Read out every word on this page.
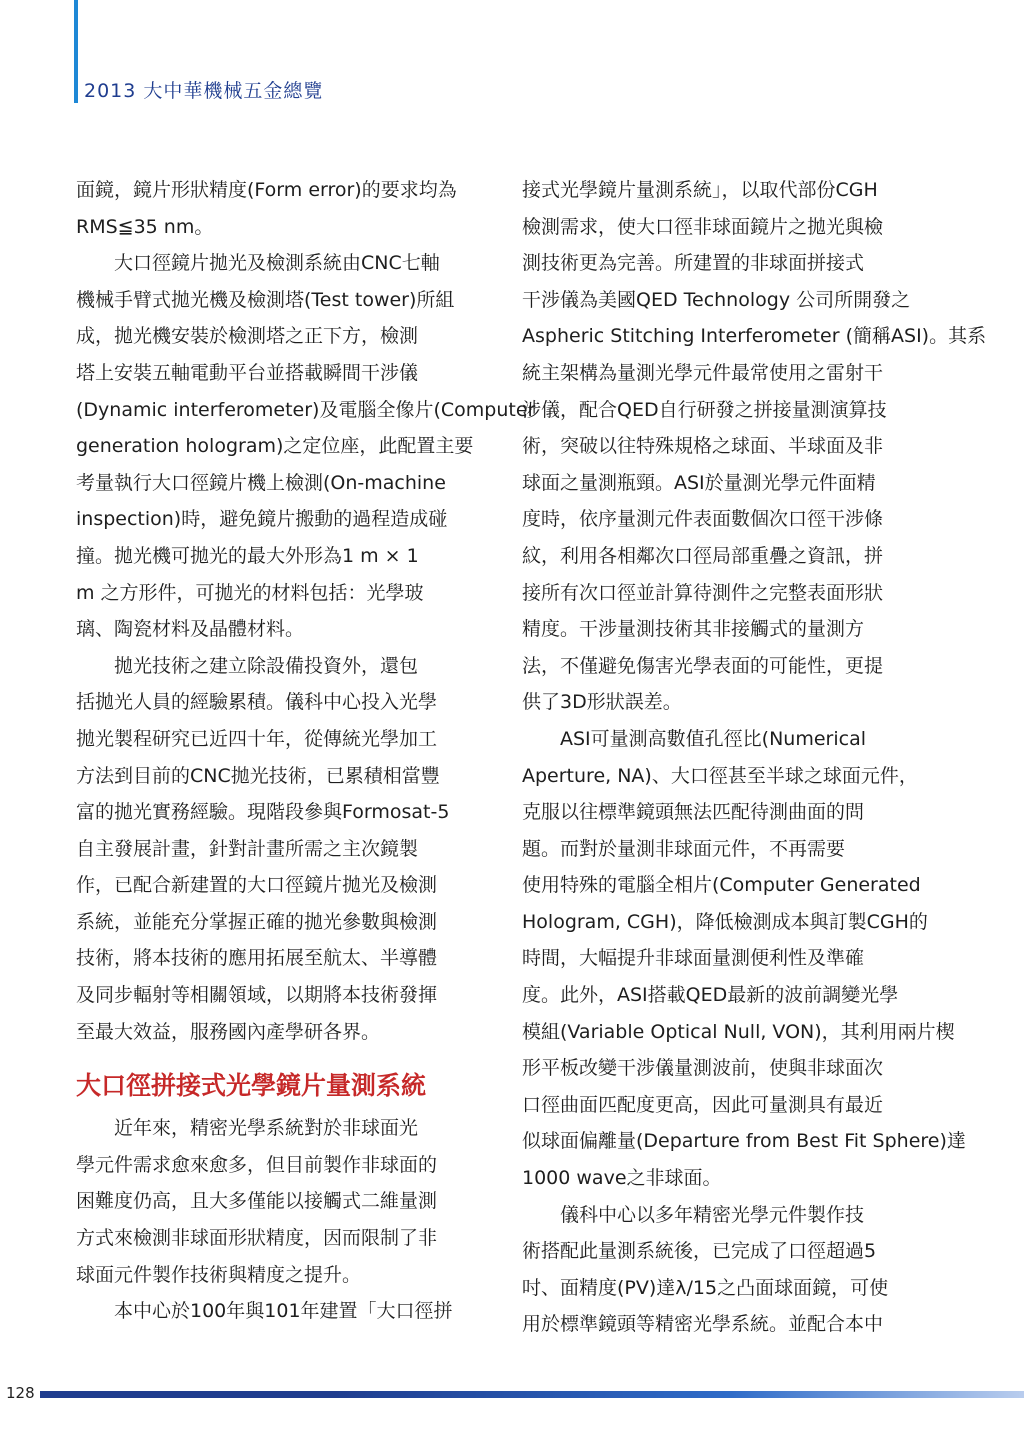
2013 大中華機械五金總覽

面鏡，鏡片形狀精度(Form error)的要求均為

RMS≦35 nm。

　　大口徑鏡片拋光及檢測系統由CNC七軸

機械手臂式拋光機及檢測塔(Test tower)所組

成，拋光機安裝於檢測塔之正下方，檢測

塔上安裝五軸電動平台並搭載瞬間干涉儀

(Dynamic interferometer)及電腦全像片(Computer

generation hologram)之定位座，此配置主要

考量執行大口徑鏡片機上檢測(On-machine

inspection)時，避免鏡片搬動的過程造成碰

撞。拋光機可拋光的最大外形為1 m × 1

m 之方形件，可拋光的材料包括：光學玻

璃、陶瓷材料及晶體材料。

　　拋光技術之建立除設備投資外，還包

括拋光人員的經驗累積。儀科中心投入光學

拋光製程研究已近四十年，從傳統光學加工

方法到目前的CNC拋光技術，已累積相當豐

富的拋光實務經驗。現階段參與Formosat-5

自主發展計畫，針對計畫所需之主次鏡製

作，已配合新建置的大口徑鏡片拋光及檢測

系統，並能充分掌握正確的拋光參數與檢測

技術，將本技術的應用拓展至航太、半導體

及同步輻射等相關領域，以期將本技術發揮

至最大效益，服務國內產學研各界。

大口徑拼接式光學鏡片量測系統

　　近年來，精密光學系統對於非球面光

學元件需求愈來愈多，但目前製作非球面的

困難度仍高，且大多僅能以接觸式二維量測

方式來檢測非球面形狀精度，因而限制了非

球面元件製作技術與精度之提升。

　　本中心於100年與101年建置「大口徑拼

接式光學鏡片量測系統」，以取代部份CGH

檢測需求，使大口徑非球面鏡片之拋光與檢

測技術更為完善。所建置的非球面拼接式

干涉儀為美國QED Technology 公司所開發之

Aspheric Stitching Interferometer (簡稱ASI)。其系

統主架構為量測光學元件最常使用之雷射干

涉儀，配合QED自行研發之拼接量測演算技

術，突破以往特殊規格之球面、半球面及非

球面之量測瓶頸。ASI於量測光學元件面精

度時，依序量測元件表面數個次口徑干涉條

紋，利用各相鄰次口徑局部重疊之資訊，拼

接所有次口徑並計算待測件之完整表面形狀

精度。干涉量測技術其非接觸式的量測方

法，不僅避免傷害光學表面的可能性，更提

供了3D形狀誤差。

　　ASI可量測高數值孔徑比(Numerical

Aperture, NA)、大口徑甚至半球之球面元件，

克服以往標準鏡頭無法匹配待測曲面的問

題。而對於量測非球面元件，不再需要

使用特殊的電腦全相片(Computer Generated

Hologram, CGH)，降低檢測成本與訂製CGH的

時間，大幅提升非球面量測便利性及準確

度。此外，ASI搭載QED最新的波前調變光學

模組(Variable Optical Null, VON)，其利用兩片楔

形平板改變干涉儀量測波前，使與非球面次

口徑曲面匹配度更高，因此可量測具有最近

似球面偏離量(Departure from Best Fit Sphere)達

1000 wave之非球面。

　　儀科中心以多年精密光學元件製作技

術搭配此量測系統後，已完成了口徑超過5

吋、面精度(PV)達λ/15之凸面球面鏡，可使

用於標準鏡頭等精密光學系統。並配合本中

128
